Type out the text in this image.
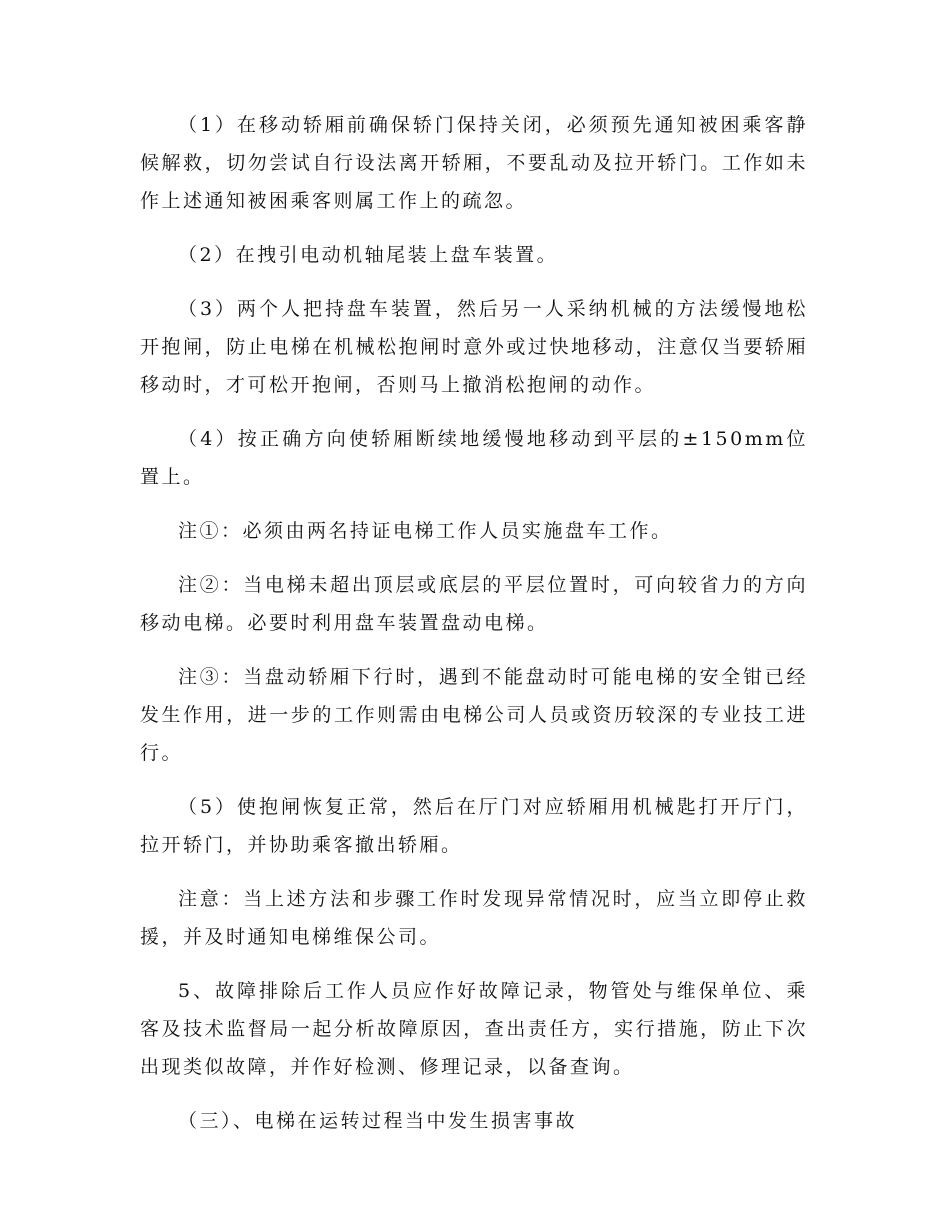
（1）在移动轿厢前确保轿门保持关闭，必须预先通知被困乘客静候解救，切勿尝试自行设法离开轿厢，不要乱动及拉开轿门。工作如未作上述通知被困乘客则属工作上的疏忽。

（2）在拽引电动机轴尾装上盘车装置。

（3）两个人把持盘车装置，然后另一人采纳机械的方法缓慢地松开抱闸，防止电梯在机械松抱闸时意外或过快地移动，注意仅当要轿厢移动时，才可松开抱闸，否则马上撤消松抱闸的动作。

（4）按正确方向使轿厢断续地缓慢地移动到平层的±150mm位置上。

注①：必须由两名持证电梯工作人员实施盘车工作。

注②：当电梯未超出顶层或底层的平层位置时，可向较省力的方向移动电梯。必要时利用盘车装置盘动电梯。

注③：当盘动轿厢下行时，遇到不能盘动时可能电梯的安全钳已经发生作用，进一步的工作则需由电梯公司人员或资历较深的专业技工进行。

（5）使抱闸恢复正常，然后在厅门对应轿厢用机械匙打开厅门，拉开轿门，并协助乘客撤出轿厢。

注意：当上述方法和步骤工作时发现异常情况时，应当立即停止救援，并及时通知电梯维保公司。

5、故障排除后工作人员应作好故障记录，物管处与维保单位、乘客及技术监督局一起分析故障原因，查出责任方，实行措施，防止下次出现类似故障，并作好检测、修理记录，以备查询。

（三）、电梯在运转过程当中发生损害事故
